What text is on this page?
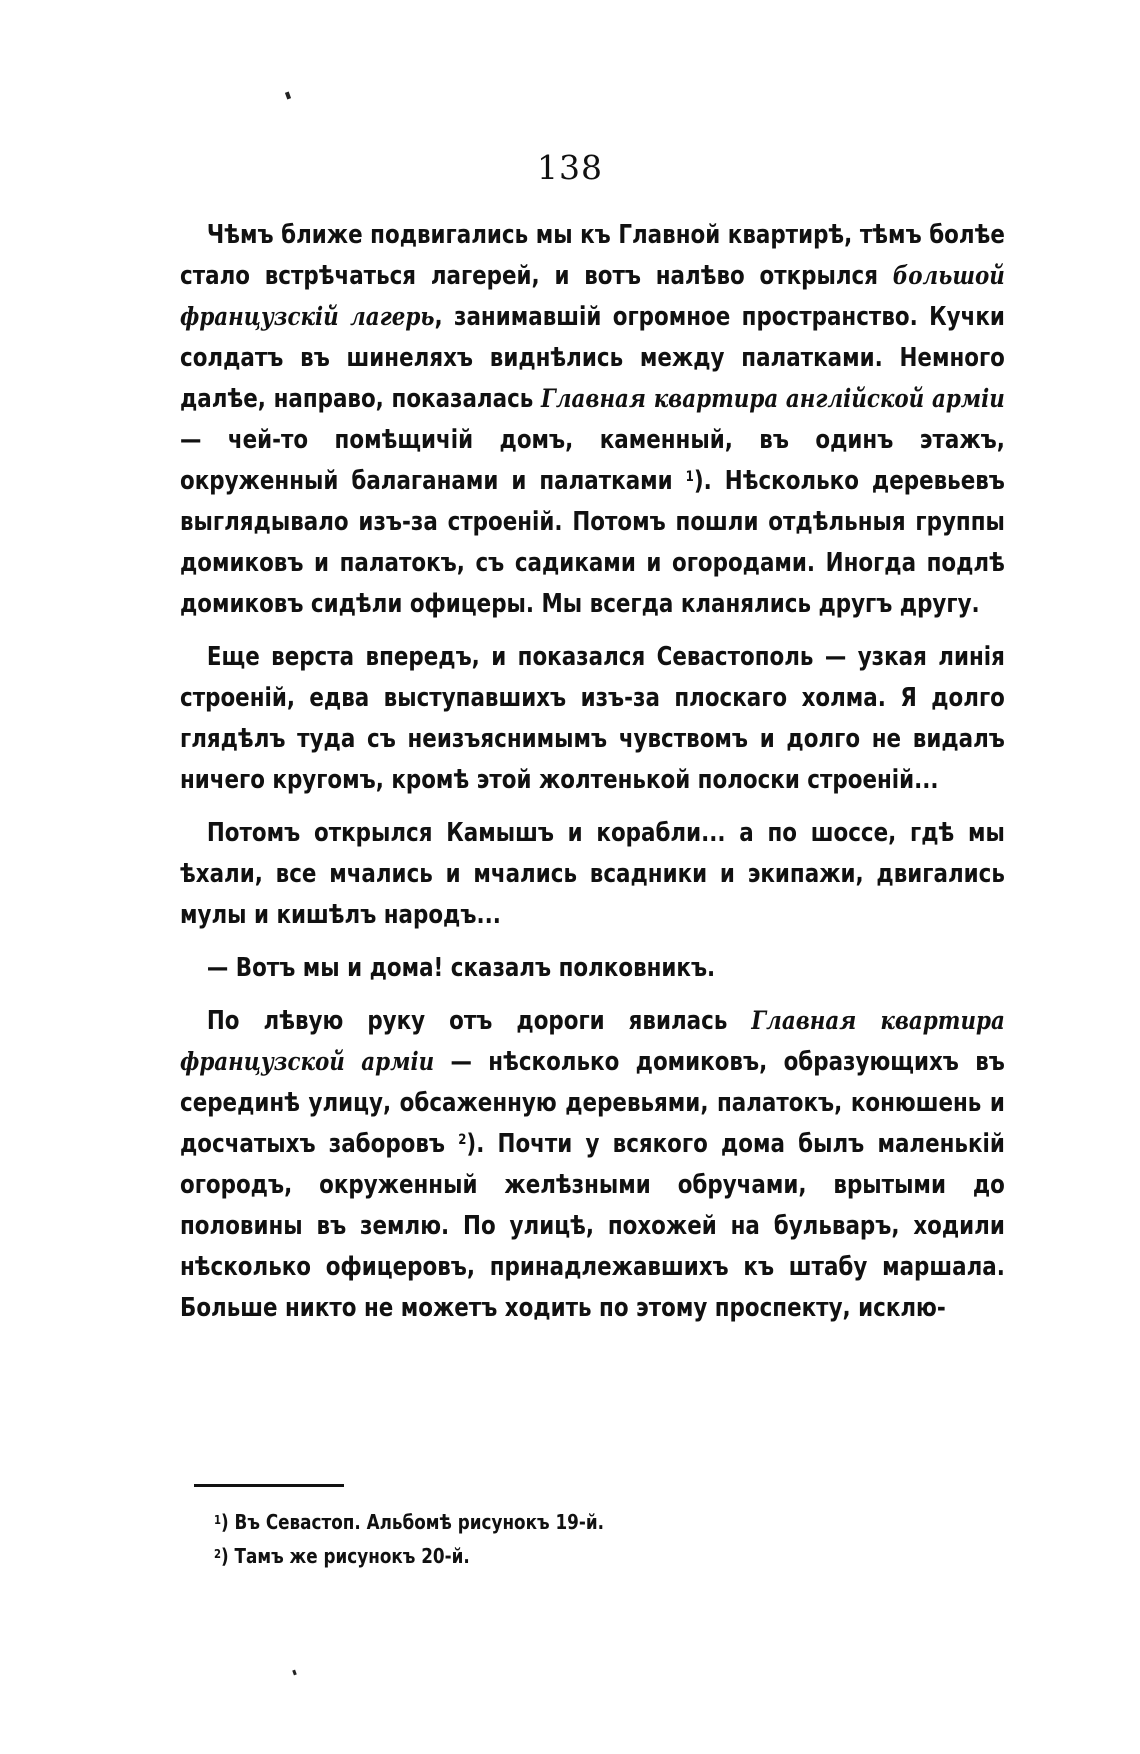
138

Чѣмъ ближе подвигались мы къ Главной квартирѣ, тѣмъ болѣе стало встрѣчаться лагерей, и вотъ налѣво открылся большой французскій лагерь, занимавшій огромное пространство. Кучки солдатъ въ шинеляхъ виднѣлись между палатками. Немного далѣе, направо, показалась Главная квартира англійской арміи — чей-то помѣщичій домъ, каменный, въ одинъ этажъ, окруженный балаганами и палатками $^1$). Нѣсколько деревьевъ выглядывало изъ-за строеній. Потомъ пошли отдѣльныя группы домиковъ и палатокъ, съ садиками и огородами. Иногда подлѣ домиковъ сидѣли офицеры. Мы всегда кланялись другъ другу.

Еще верста впередъ, и показался Севастополь — узкая линія строеній, едва выступавшихъ изъ-за плоскаго холма. Я долго глядѣлъ туда съ неизъяснимымъ чувствомъ и долго не видалъ ничего кругомъ, кромѣ этой жолтенькой полоски строеній...

Потомъ открылся Камышъ и корабли... а по шоссе, гдѣ мы ѣхали, все мчались и мчались всадники и экипажи, двигались мулы и кишѣлъ народъ...

— Вотъ мы и дома! сказалъ полковникъ.

По лѣвую руку отъ дороги явилась Главная квартира французской арміи — нѣсколько домиковъ, образующихъ въ серединѣ улицу, обсаженную деревьями, палатокъ, конюшень и досчатыхъ заборовъ $^2$). Почти у всякого дома былъ маленькій огородъ, окруженный желѣзными обручами, врытыми до половины въ землю. По улицѣ, похожей на бульваръ, ходили нѣсколько офицеровъ, принадлежавшихъ къ штабу маршала. Больше никто не можетъ ходить по этому проспекту, исклю-

$^1$) Въ Севастоп. Альбомѣ рисунокъ 19-й.
$^2$) Тамъ же рисунокъ 20-й.
